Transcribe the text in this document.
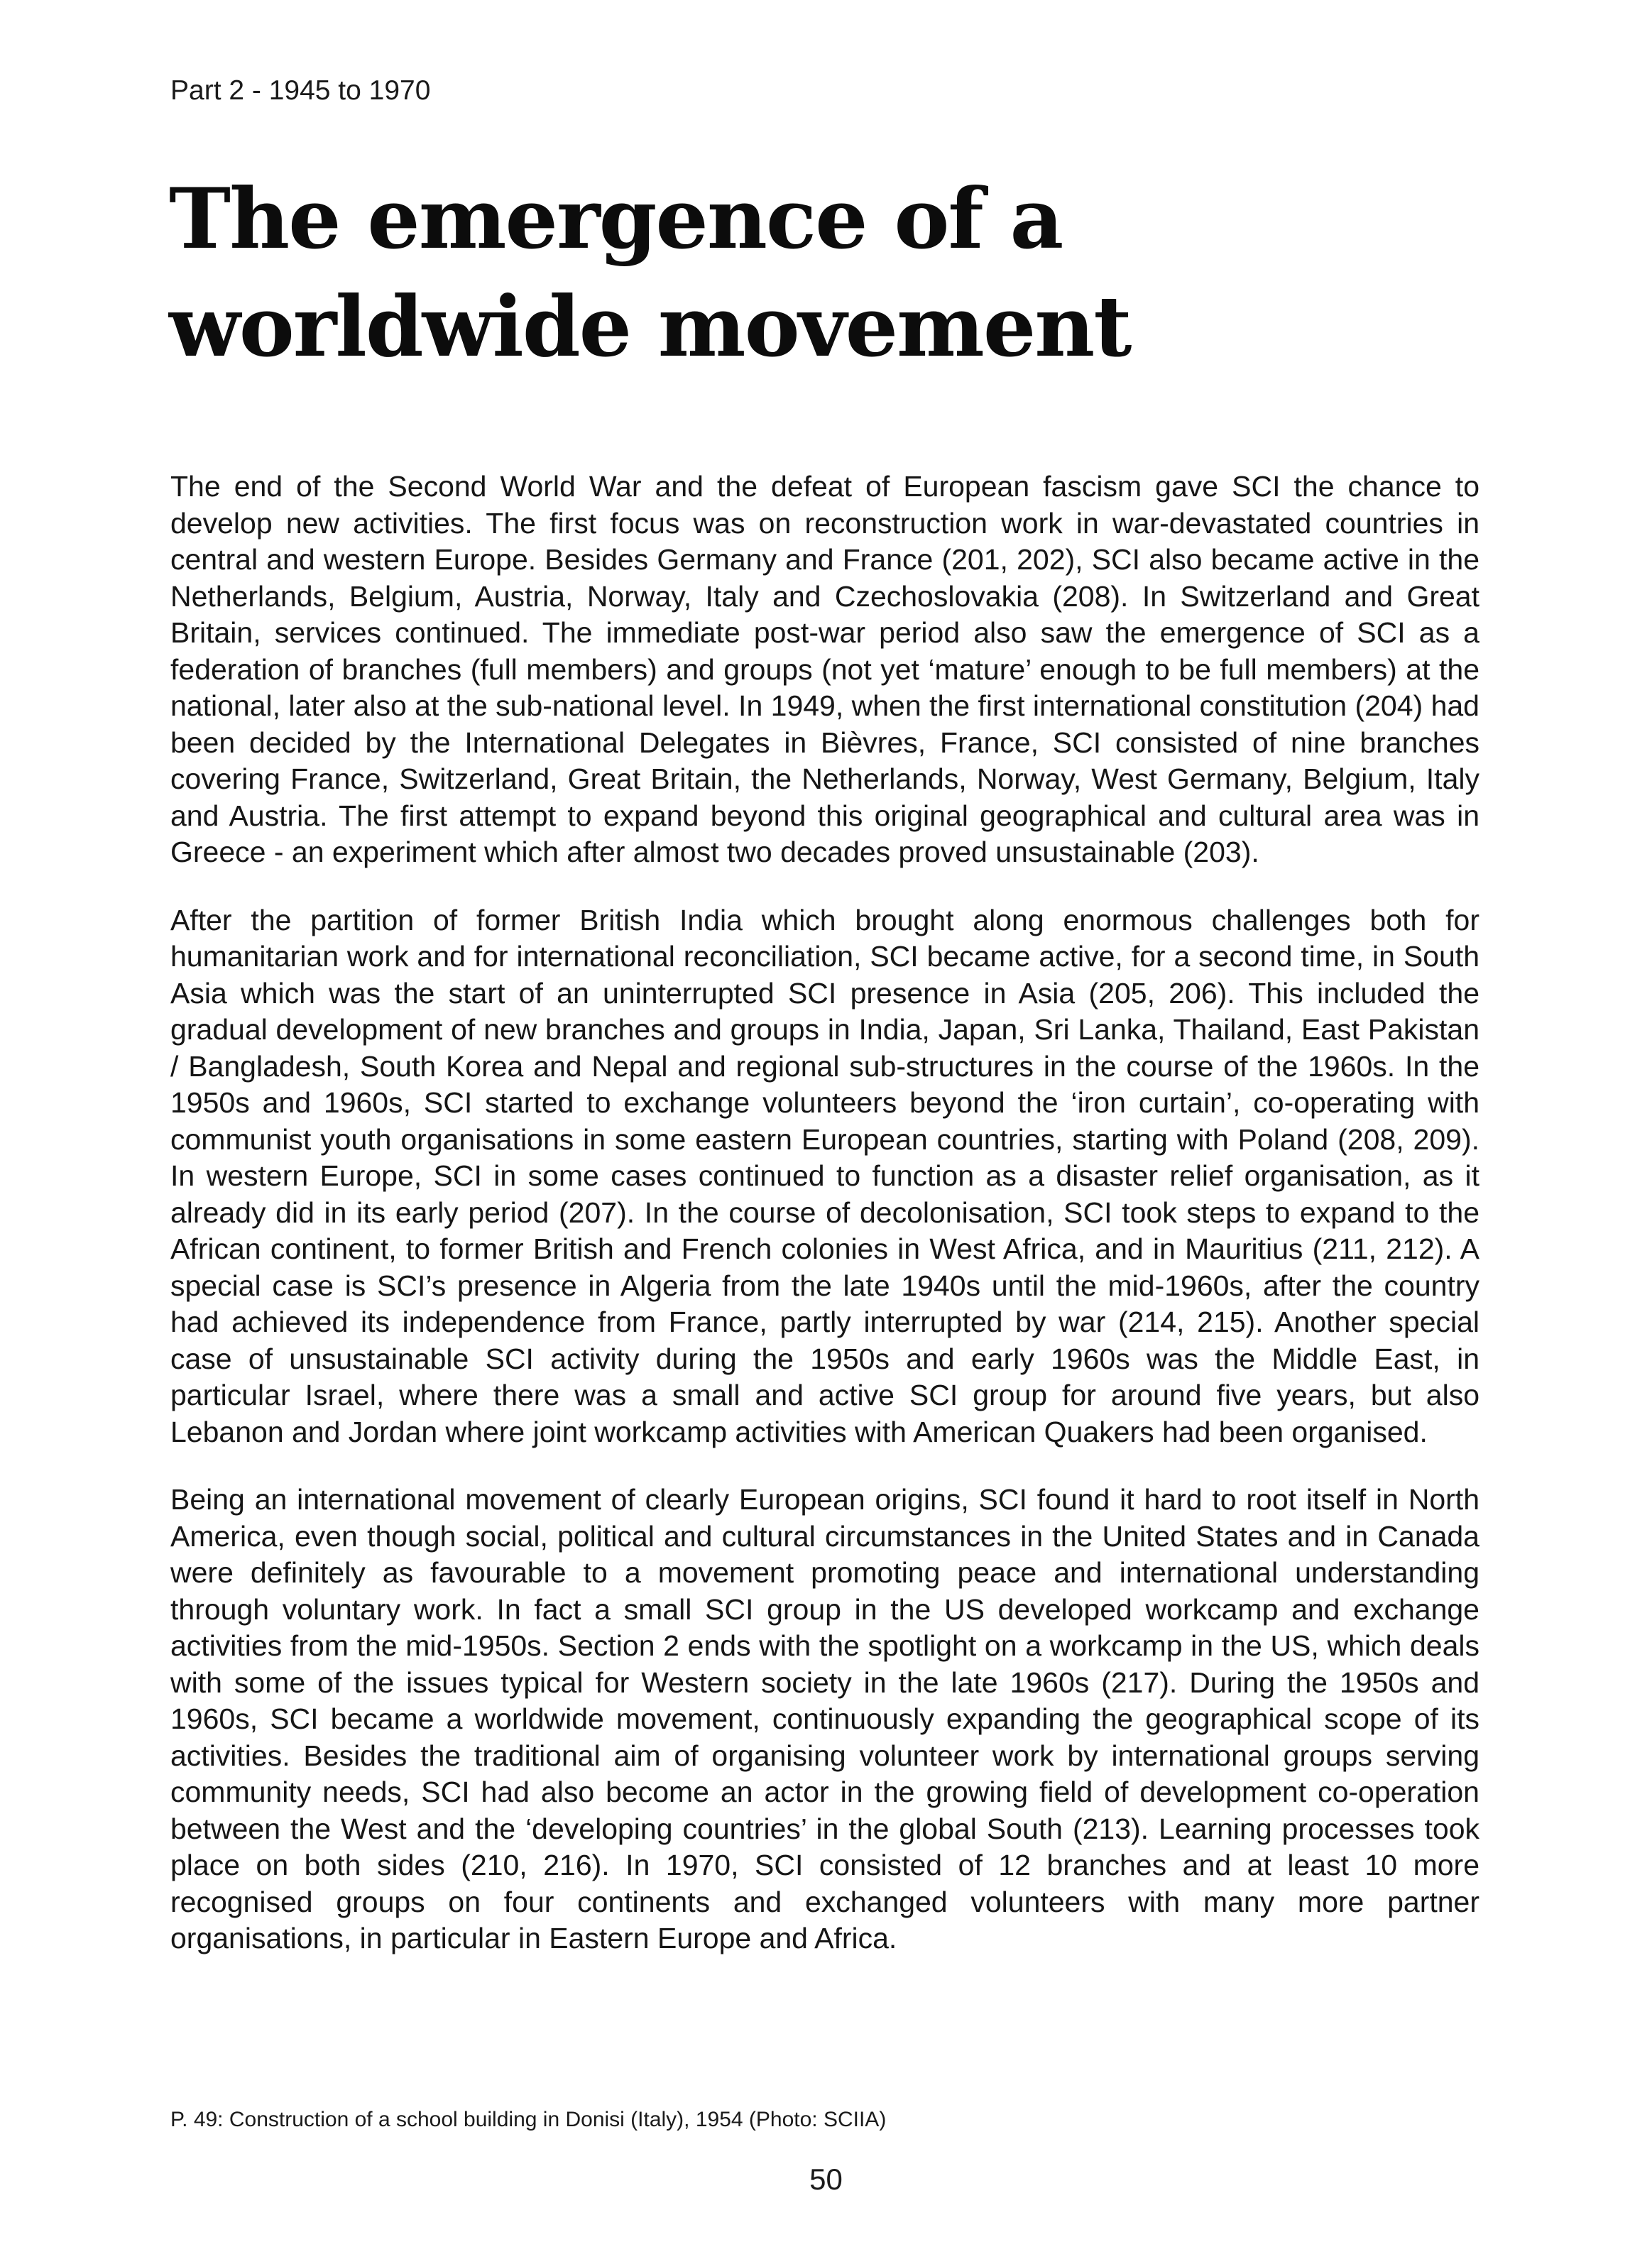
Part 2 - 1945 to 1970
The emergence of a worldwide movement

The end of the Second World War and the defeat of European fascism gave SCI the chance to develop new activities. The first focus was on reconstruction work in war-devastated countries in central and western Europe. Besides Germany and France (201, 202), SCI also became active in the Netherlands, Belgium, Austria, Norway, Italy and Czechoslovakia (208). In Switzerland and Great Britain, services continued. The immediate post-war period also saw the emergence of SCI as a federation of branches (full members) and groups (not yet ‘mature’ enough to be full members) at the national, later also at the sub-national level. In 1949, when the first international constitution (204) had been decided by the International Delegates in Bièvres, France, SCI consisted of nine branches covering France, Switzerland, Great Britain, the Netherlands, Norway, West Germany, Belgium, Italy and Austria. The first attempt to expand beyond this original geographical and cultural area was in Greece - an experiment which after almost two decades proved unsustainable (203).

After the partition of former British India which brought along enormous challenges both for humanitarian work and for international reconciliation, SCI became active, for a second time, in South Asia which was the start of an uninterrupted SCI presence in Asia (205, 206). This included the gradual development of new branches and groups in India, Japan, Sri Lanka, Thailand, East Pakistan / Bangladesh, South Korea and Nepal and regional sub-structures in the course of the 1960s. In the 1950s and 1960s, SCI started to exchange volunteers beyond the ‘iron curtain’, co-operating with communist youth organisations in some eastern European countries, starting with Poland (208, 209). In western Europe, SCI in some cases continued to function as a disaster relief organisation, as it already did in its early period (207). In the course of decolonisation, SCI took steps to expand to the African continent, to former British and French colonies in West Africa, and in Mauritius (211, 212). A special case is SCI’s presence in Algeria from the late 1940s until the mid-1960s, after the country had achieved its independence from France, partly interrupted by war (214, 215). Another special case of unsustainable SCI activity during the 1950s and early 1960s was the Middle East, in particular Israel, where there was a small and active SCI group for around five years, but also Lebanon and Jordan where joint workcamp activities with American Quakers had been organised.

Being an international movement of clearly European origins, SCI found it hard to root itself in North America, even though social, political and cultural circumstances in the United States and in Canada were definitely as favourable to a movement promoting peace and international understanding through voluntary work. In fact a small SCI group in the US developed workcamp and exchange activities from the mid-1950s. Section 2 ends with the spotlight on a workcamp in the US, which deals with some of the issues typical for Western society in the late 1960s (217). During the 1950s and 1960s, SCI became a worldwide movement, continuously expanding the geographical scope of its activities. Besides the traditional aim of organising volunteer work by international groups serving community needs, SCI had also become an actor in the growing field of development co-operation between the West and the ‘developing countries’ in the global South (213). Learning processes took place on both sides (210, 216). In 1970, SCI consisted of 12 branches and at least 10 more recognised groups on four continents and exchanged volunteers with many more partner organisations, in particular in Eastern Europe and Africa.

P. 49: Construction of a school building in Donisi (Italy), 1954 (Photo: SCIIA)
50
